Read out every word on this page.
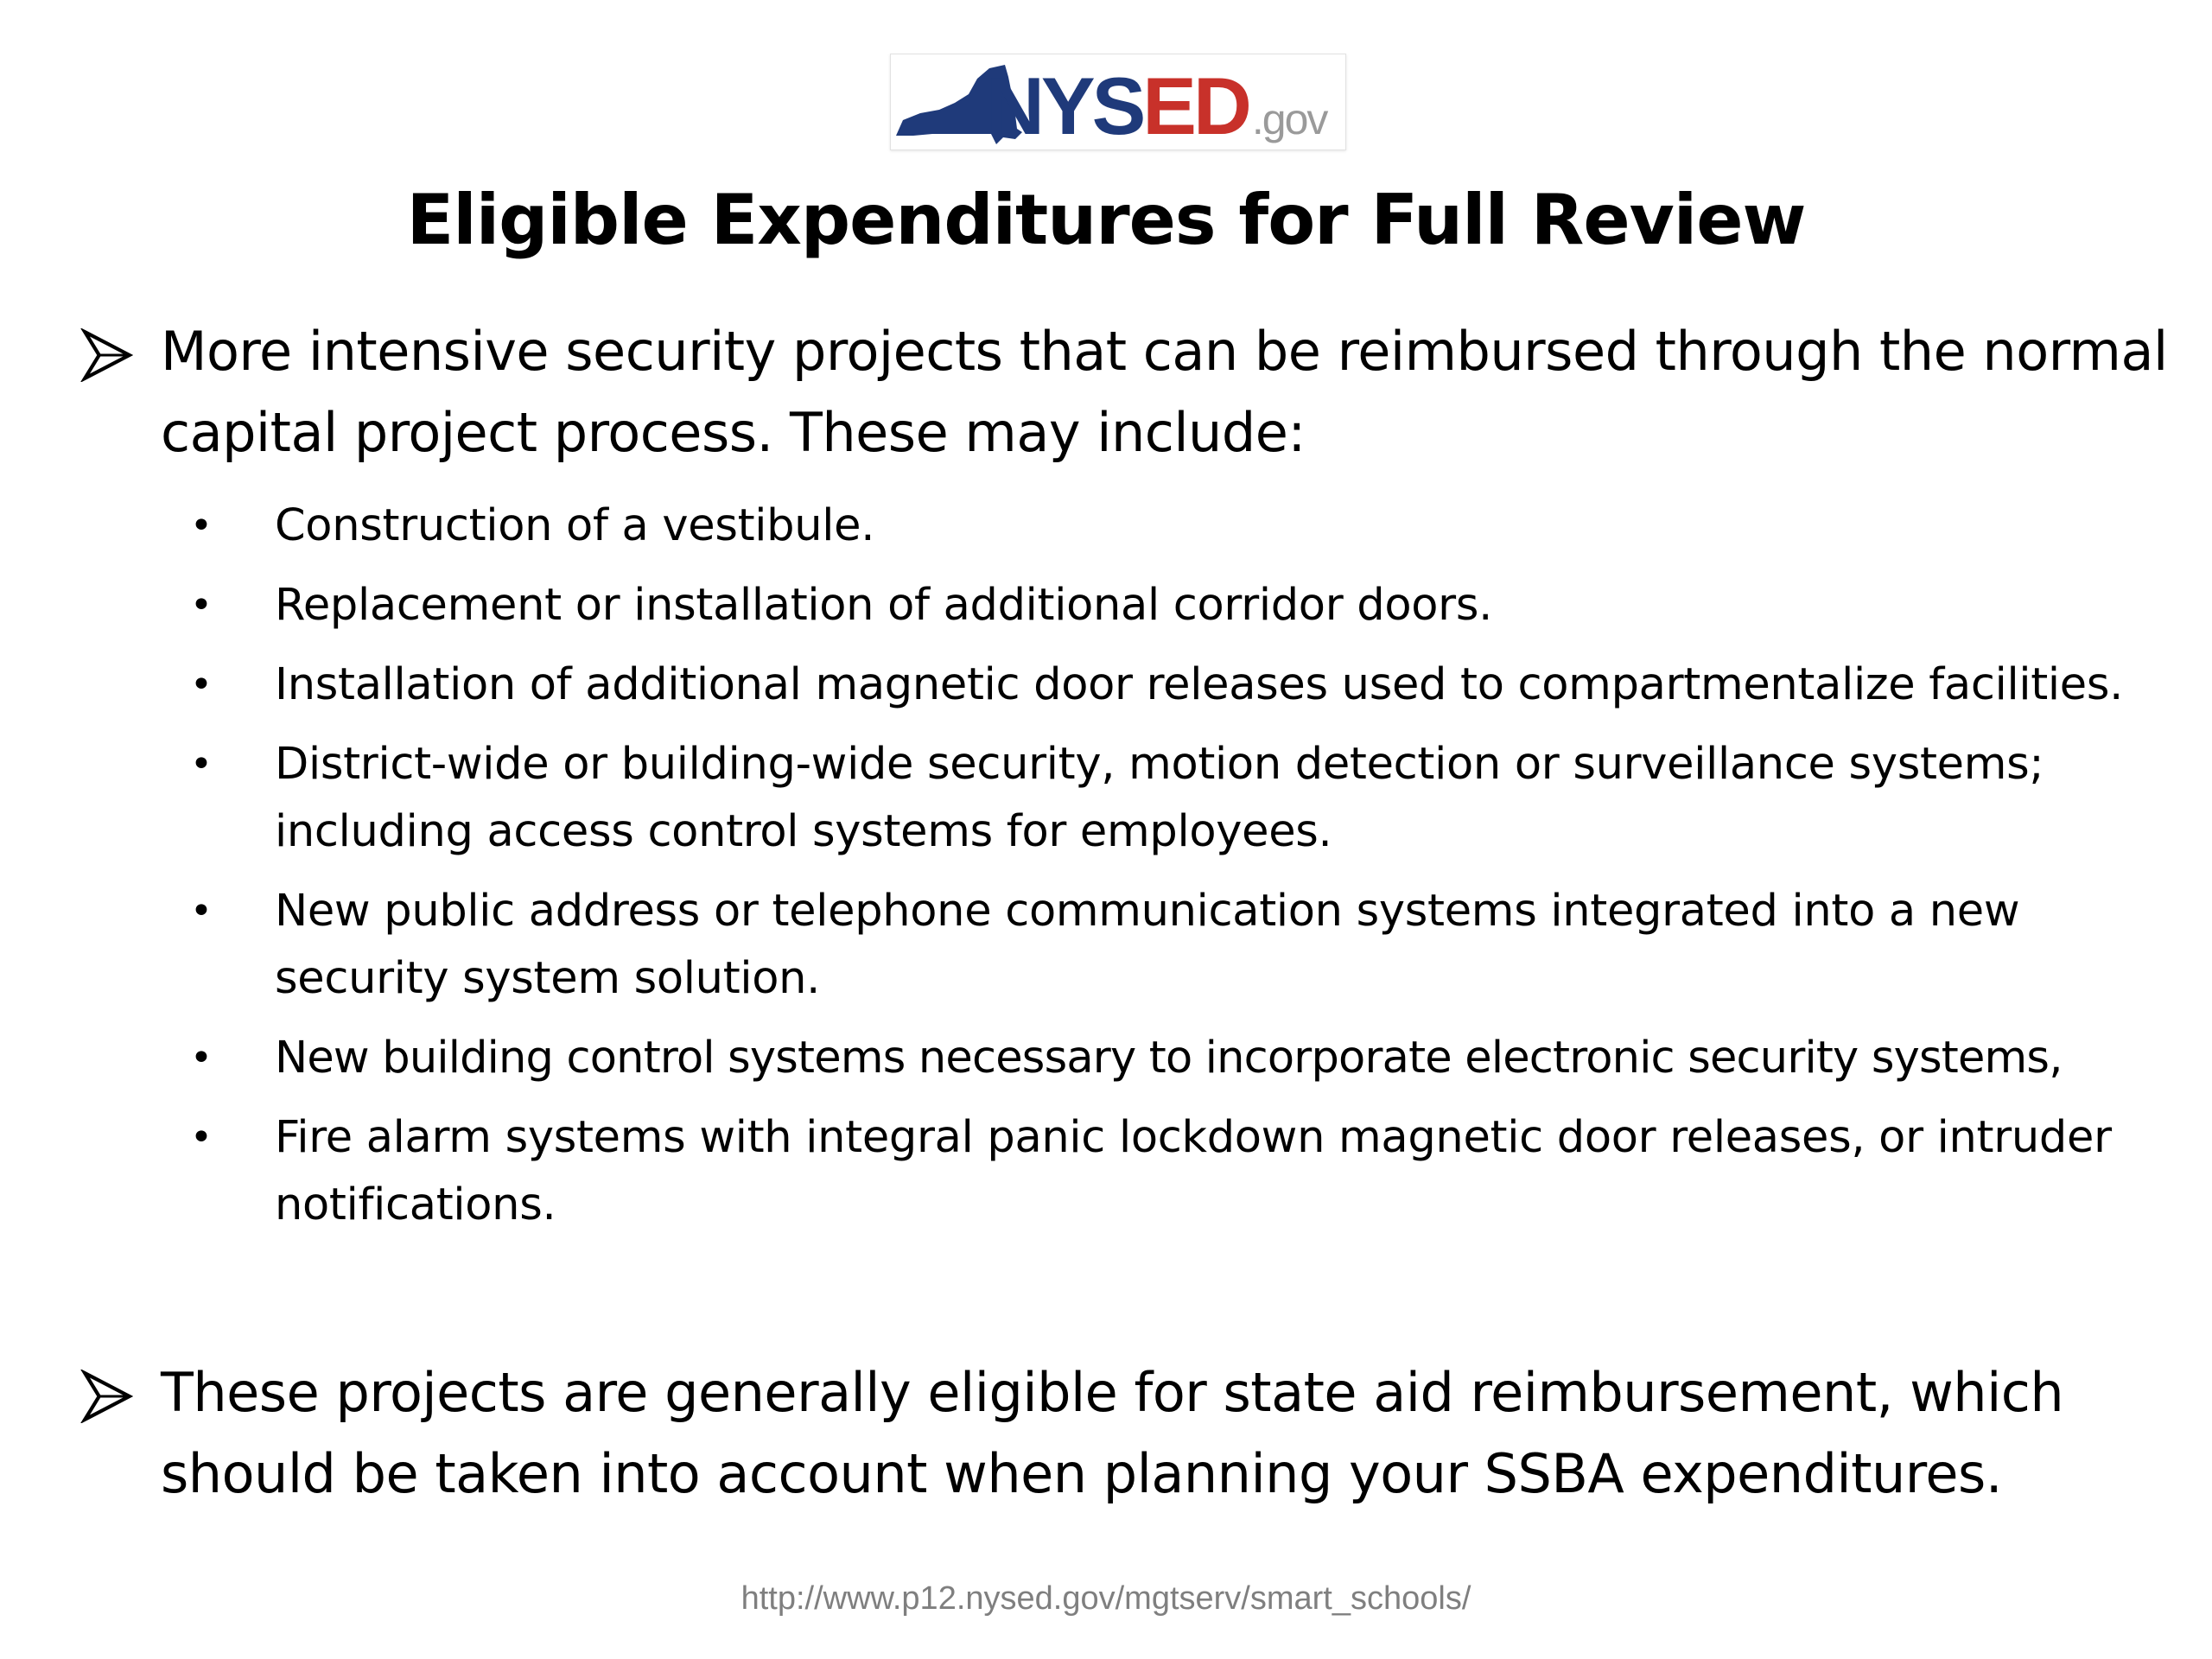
NYS ED .gov
Eligible Expenditures for Full Review
More intensive security projects that can be reimbursed through the normal capital project process. These may include:
• Construction of a vestibule.
• Replacement or installation of additional corridor doors.
• Installation of additional magnetic door releases used to compartmentalize facilities.
• District-wide or building-wide security, motion detection or surveillance systems; including access control systems for employees.
• New public address or telephone communication systems integrated into a new security system solution.
• New building control systems necessary to incorporate electronic security systems,
• Fire alarm systems with integral panic lockdown magnetic door releases, or intruder notifications.
These projects are generally eligible for state aid reimbursement, which should be taken into account when planning your SSBA expenditures.
http://www.p12.nysed.gov/mgtserv/smart_schools/
